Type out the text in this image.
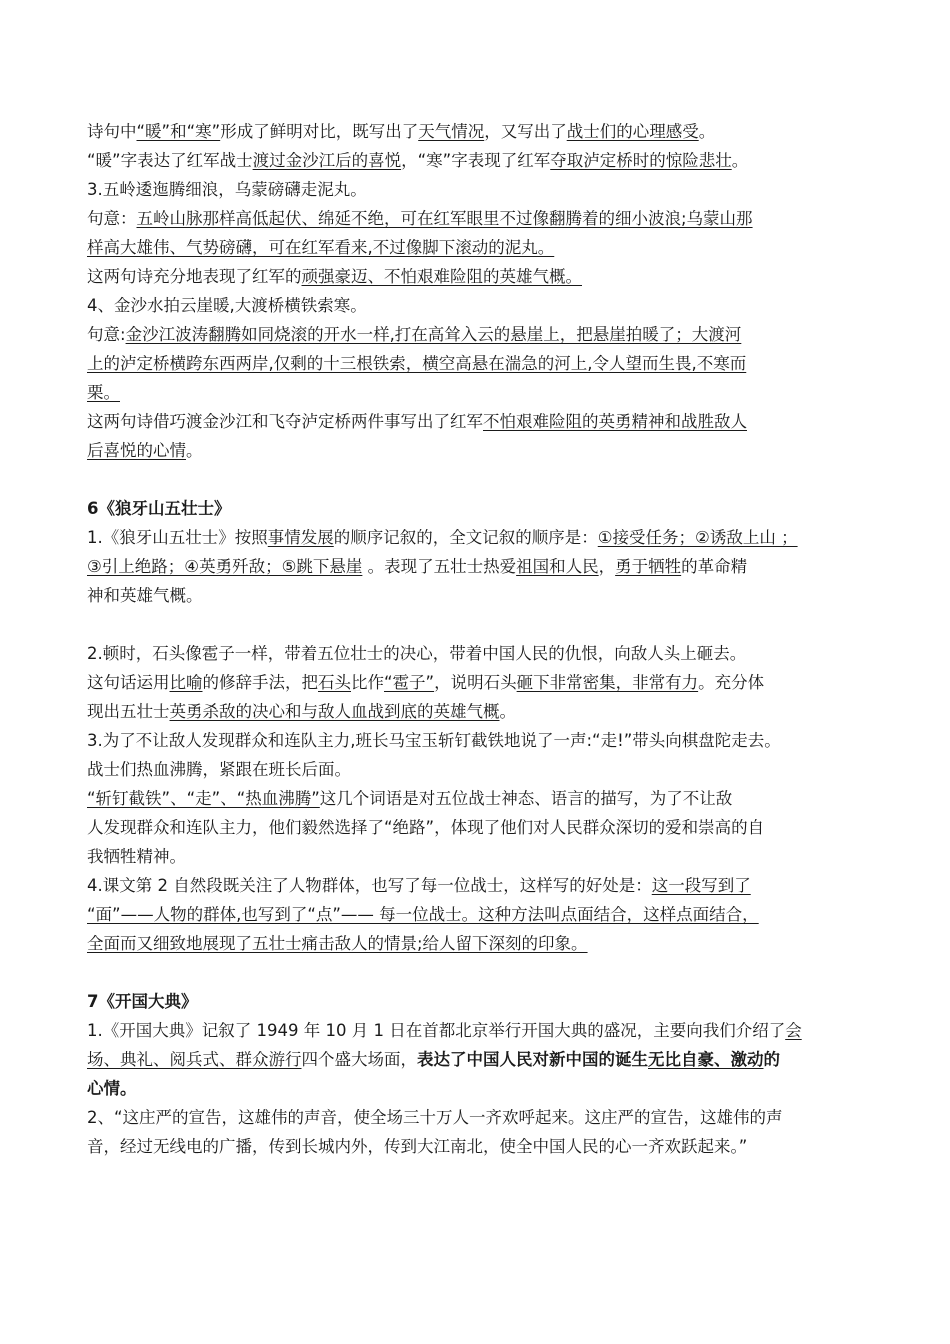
诗句中“暖”和“寒”形成了鲜明对比，既写出了天气情况，又写出了战士们的心理感受。
“暖”字表达了红军战士渡过金沙江后的喜悦，“寒”字表现了红军夺取泸定桥时的惊险悲壮。
3.五岭逶迤腾细浪，乌蒙磅礴走泥丸。
句意：五岭山脉那样高低起伏、绵延不绝，可在红军眼里不过像翻腾着的细小波浪;乌蒙山那
样高大雄伟、气势磅礴，可在红军看来,不过像脚下滚动的泥丸。
这两句诗充分地表现了红军的顽强豪迈、不怕艰难险阻的英雄气概。
4、金沙水拍云崖暖,大渡桥横铁索寒。
句意:金沙江波涛翻腾如同烧滚的开水一样,打在高耸入云的悬崖上，把悬崖拍暖了；大渡河
上的泸定桥横跨东西两岸,仅剩的十三根铁索，横空高悬在湍急的河上,令人望而生畏,不寒而
栗。
这两句诗借巧渡金沙江和飞夺泸定桥两件事写出了红军不怕艰难险阻的英勇精神和战胜敌人
后喜悦的心情。
6《狼牙山五壮士》
1.《狼牙山五壮士》按照事情发展的顺序记叙的，全文记叙的顺序是：①接受任务；②诱敌上山 ；
③引上绝路；④英勇歼敌；⑤跳下悬崖 。表现了五壮士热爱祖国和人民，勇于牺牲的革命精
神和英雄气概。
2.顿时，石头像雹子一样，带着五位壮士的决心，带着中国人民的仇恨，向敌人头上砸去。
这句话运用比喻的修辞手法，把石头比作“雹子”，说明石头砸下非常密集，非常有力。充分体
现出五壮士英勇杀敌的决心和与敌人血战到底的英雄气概。
3.为了不让敌人发现群众和连队主力,班长马宝玉斩钉截铁地说了一声:“走!”带头向棋盘陀走去。
战士们热血沸腾，紧跟在班长后面。
“斩钉截铁”、“走”、“热血沸腾”这几个词语是对五位战士神态、语言的描写，为了不让敌
人发现群众和连队主力，他们毅然选择了“绝路”，体现了他们对人民群众深切的爱和崇高的自
我牺牲精神。
4.课文第 2 自然段既关注了人物群体，也写了每一位战士，这样写的好处是：这一段写到了
“面”——人物的群体,也写到了“点”—— 每一位战士。这种方法叫点面结合，这样点面结合，
全面而又细致地展现了五壮士痛击敌人的情景;给人留下深刻的印象。
7《开国大典》
1.《开国大典》记叙了 1949 年 10 月 1 日在首都北京举行开国大典的盛况，主要向我们介绍了会
场、典礼、阅兵式、群众游行四个盛大场面，表达了中国人民对新中国的诞生无比自豪、激动的
心情。
2、“这庄严的宣告，这雄伟的声音，使全场三十万人一齐欢呼起来。这庄严的宣告，这雄伟的声
音，经过无线电的广播，传到长城内外，传到大江南北，使全中国人民的心一齐欢跃起来。”
